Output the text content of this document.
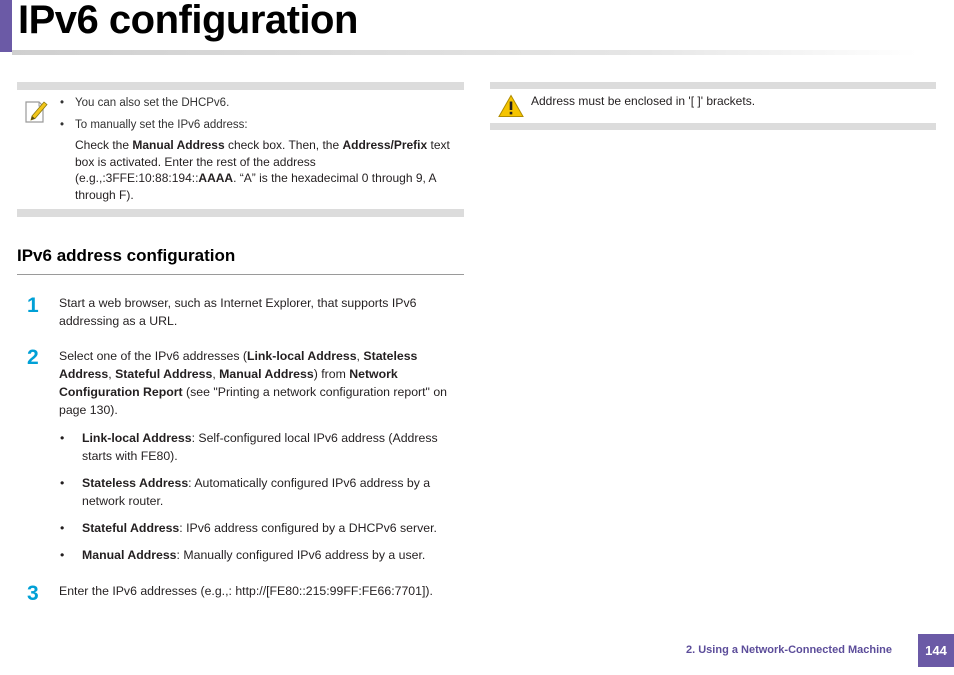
IPv6 configuration
• You can also set the DHCPv6.
• To manually set the IPv6 address:
Check the Manual Address check box. Then, the Address/Prefix text box is activated. Enter the rest of the address (e.g.,:3FFE:10:88:194::AAAA. “A” is the hexadecimal 0 through 9, A through F).
Address must be enclosed in '[ ]' brackets.
IPv6 address configuration
1 Start a web browser, such as Internet Explorer, that supports IPv6 addressing as a URL.
2 Select one of the IPv6 addresses (Link-local Address, Stateless Address, Stateful Address, Manual Address) from Network Configuration Report (see "Printing a network configuration report" on page 130).
• Link-local Address: Self-configured local IPv6 address (Address starts with FE80).
• Stateless Address: Automatically configured IPv6 address by a network router.
• Stateful Address: IPv6 address configured by a DHCPv6 server.
• Manual Address: Manually configured IPv6 address by a user.
3 Enter the IPv6 addresses (e.g.,: http://[FE80::215:99FF:FE66:7701]).
2. Using a Network-Connected Machine	144
